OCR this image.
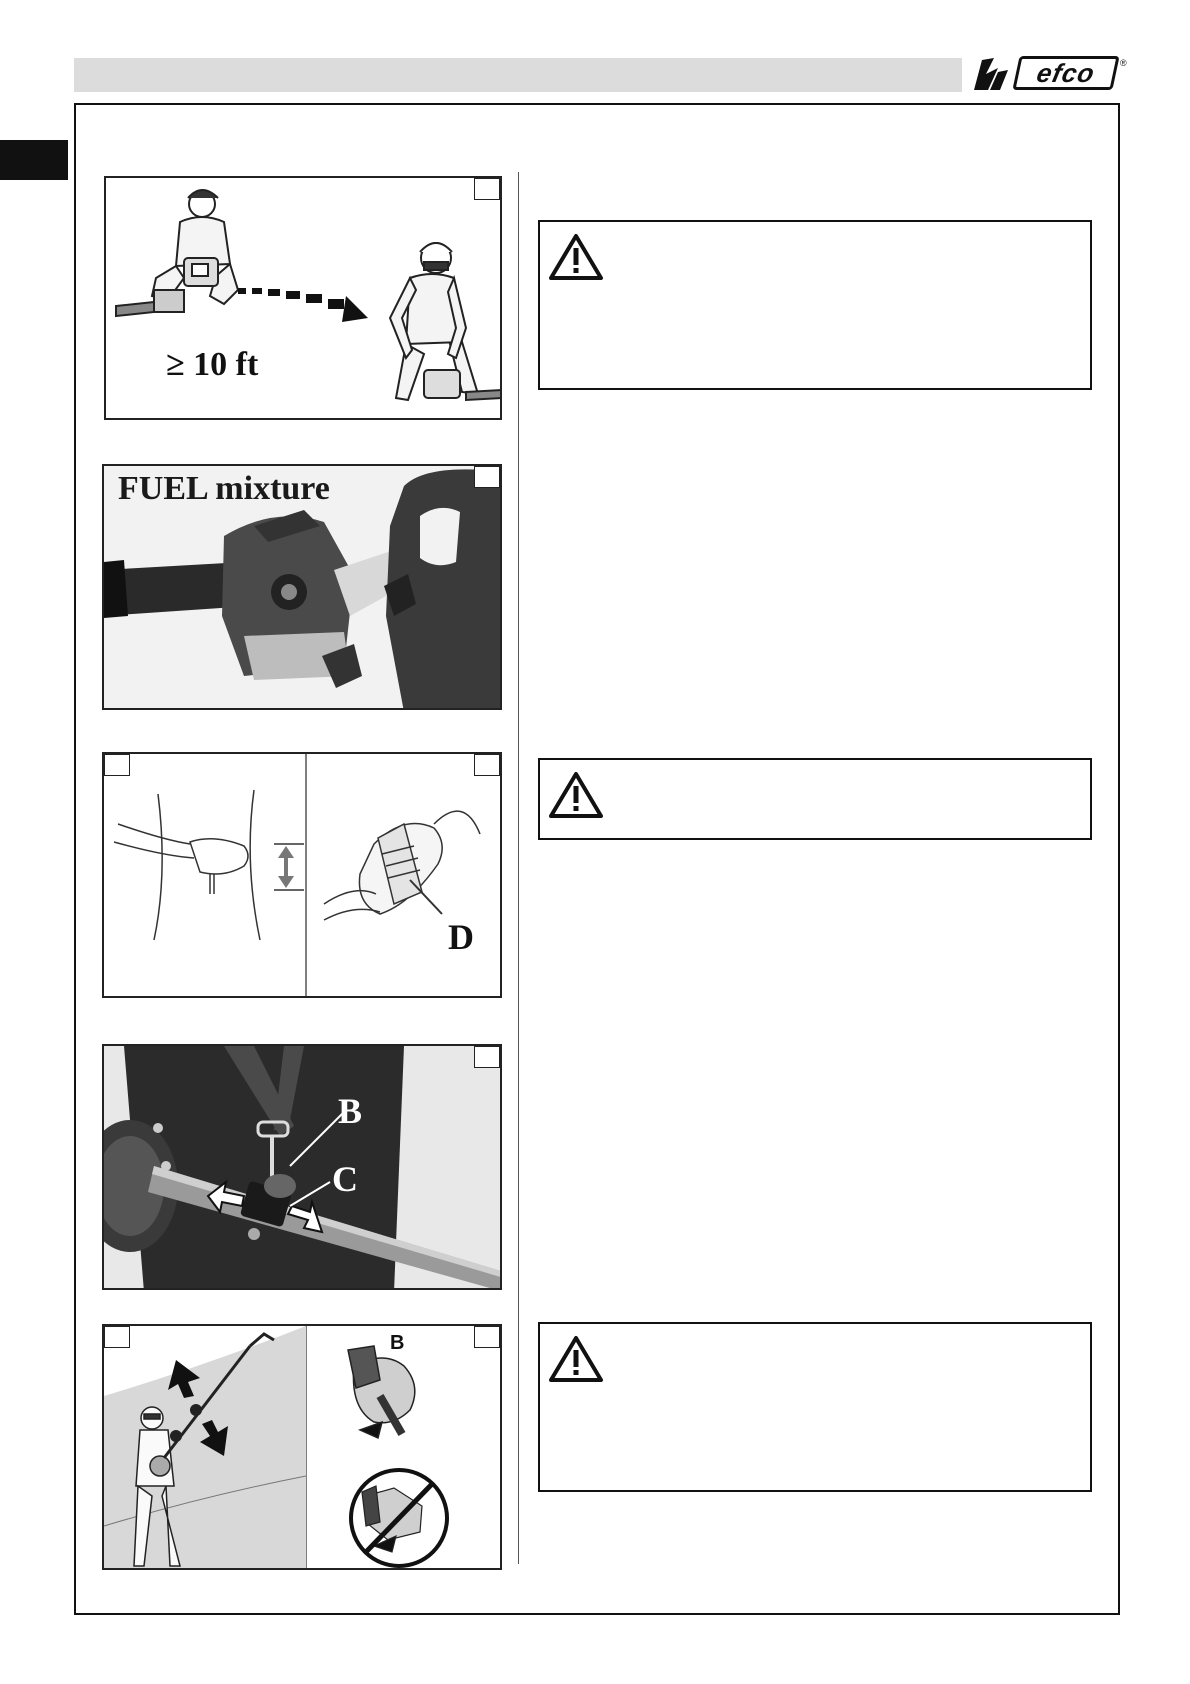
efco	®
≥ 10 ft
FUEL mixture
D
B
C
B
